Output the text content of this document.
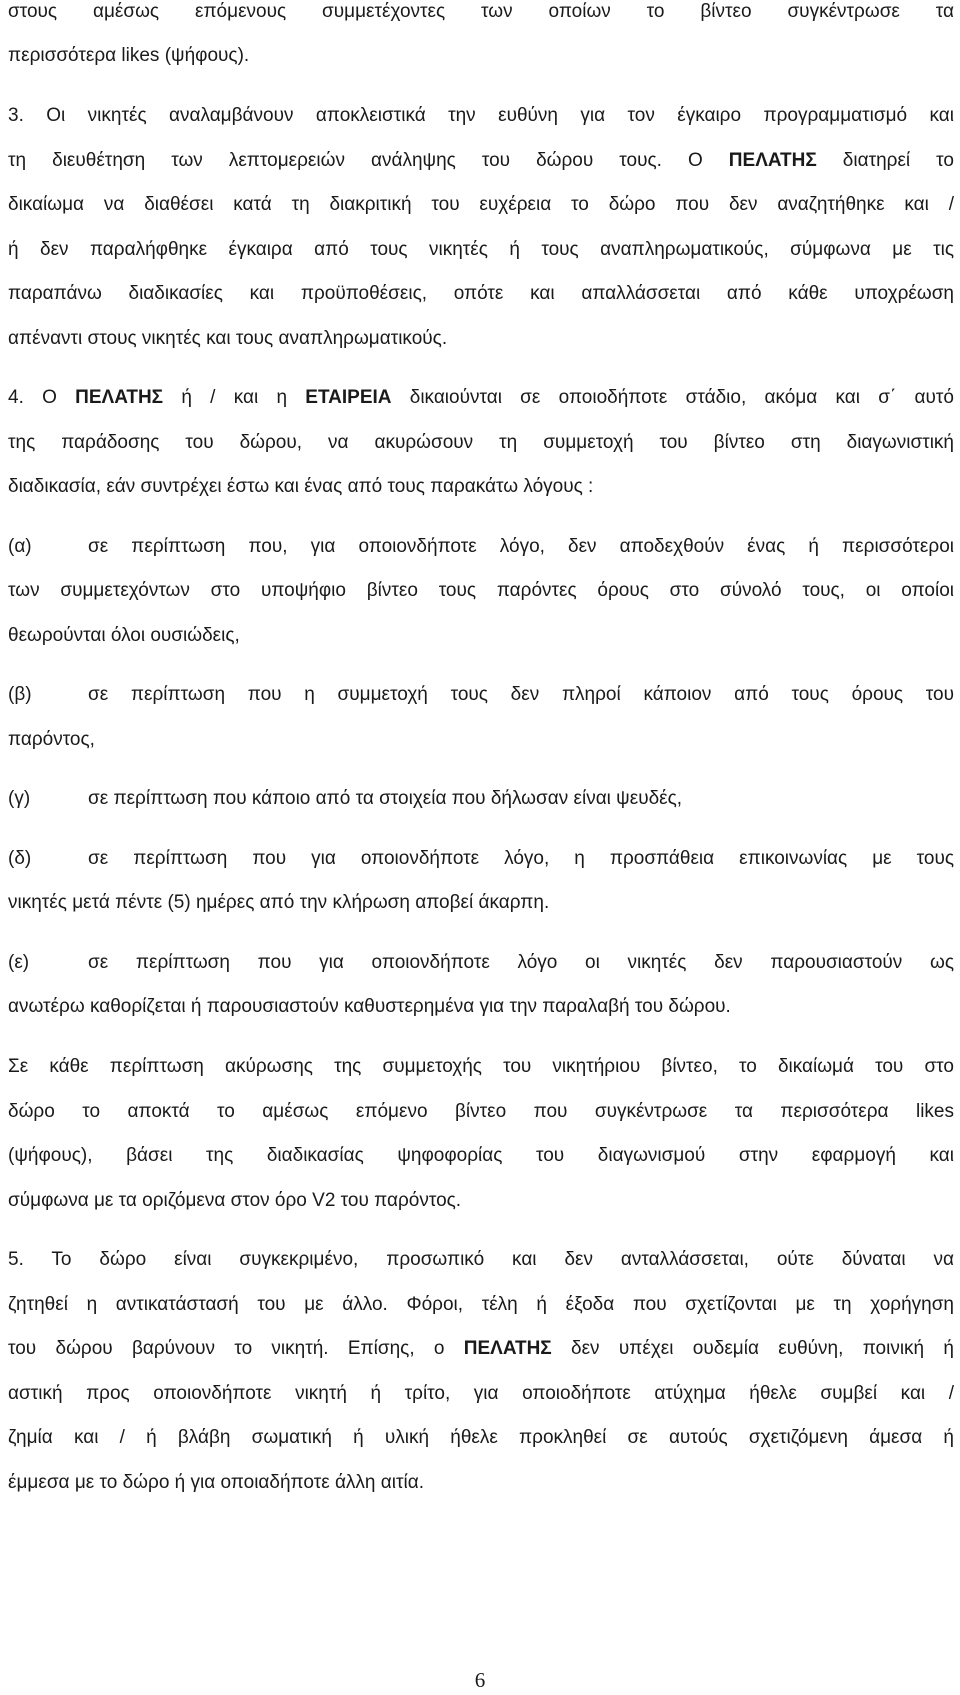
στους αμέσως επόμενους συμμετέχοντες των οποίων το βίντεο συγκέντρωσε τα
περισσότερα likes (ψήφους).
3. Οι νικητές αναλαμβάνουν αποκλειστικά την ευθύνη για τον έγκαιρο προγραμματισμό και
τη διευθέτηση των λεπτομερειών ανάληψης του δώρου τους. Ο ΠΕΛΑΤΗΣ διατηρεί το
δικαίωμα να διαθέσει κατά τη διακριτική του ευχέρεια το δώρο που δεν αναζητήθηκε και /
ή δεν παραλήφθηκε έγκαιρα από τους νικητές ή τους αναπληρωματικούς, σύμφωνα με τις
παραπάνω διαδικασίες και προϋποθέσεις, οπότε και απαλλάσσεται από κάθε υποχρέωση
απέναντι στους νικητές και τους αναπληρωματικούς.
4. Ο ΠΕΛΑΤΗΣ ή / και η ΕΤΑΙΡΕΙΑ δικαιούνται σε οποιοδήποτε στάδιο, ακόμα και σ΄ αυτό
της παράδοσης του δώρου, να ακυρώσουν τη συμμετοχή του βίντεο στη διαγωνιστική
διαδικασία, εάν συντρέχει έστω και ένας από τους παρακάτω λόγους :
(α)	σε περίπτωση που, για οποιονδήποτε λόγο, δεν αποδεχθούν ένας ή περισσότεροι
των συμμετεχόντων στο υποψήφιο βίντεο τους παρόντες όρους στο σύνολό τους, οι οποίοι
θεωρούνται όλοι ουσιώδεις,
(β)	σε περίπτωση που η συμμετοχή τους δεν πληροί κάποιον από τους όρους του
παρόντος,
(γ)	σε περίπτωση που κάποιο από τα στοιχεία που δήλωσαν είναι ψευδές,
(δ)	σε περίπτωση που για οποιονδήποτε λόγο, η προσπάθεια επικοινωνίας με τους
νικητές μετά πέντε (5) ημέρες από την κλήρωση αποβεί άκαρπη.
(ε)	σε περίπτωση που για οποιονδήποτε λόγο οι νικητές δεν παρουσιαστούν ως
ανωτέρω καθορίζεται ή παρουσιαστούν καθυστερημένα για την παραλαβή του δώρου.
Σε κάθε περίπτωση ακύρωσης της συμμετοχής του νικητήριου βίντεο, το δικαίωμά του στο
δώρο το αποκτά το αμέσως επόμενο βίντεο που συγκέντρωσε τα περισσότερα likes
(ψήφους), βάσει της διαδικασίας ψηφοφορίας του διαγωνισμού στην εφαρμογή και
σύμφωνα με τα οριζόμενα στον όρο V2 του παρόντος.
5. Το δώρο είναι συγκεκριμένο, προσωπικό και δεν ανταλλάσσεται, ούτε δύναται να
ζητηθεί η αντικατάστασή του με άλλο. Φόροι, τέλη ή έξοδα που σχετίζονται με τη χορήγηση
του δώρου βαρύνουν το νικητή. Επίσης, ο ΠΕΛΑΤΗΣ δεν υπέχει ουδεμία ευθύνη, ποινική ή
αστική προς οποιονδήποτε νικητή ή τρίτο, για οποιοδήποτε ατύχημα ήθελε συμβεί και /
ζημία και / ή βλάβη σωματική ή υλική ήθελε προκληθεί σε αυτούς σχετιζόμενη άμεσα ή
έμμεσα με το δώρο ή για οποιαδήποτε άλλη αιτία.
6
